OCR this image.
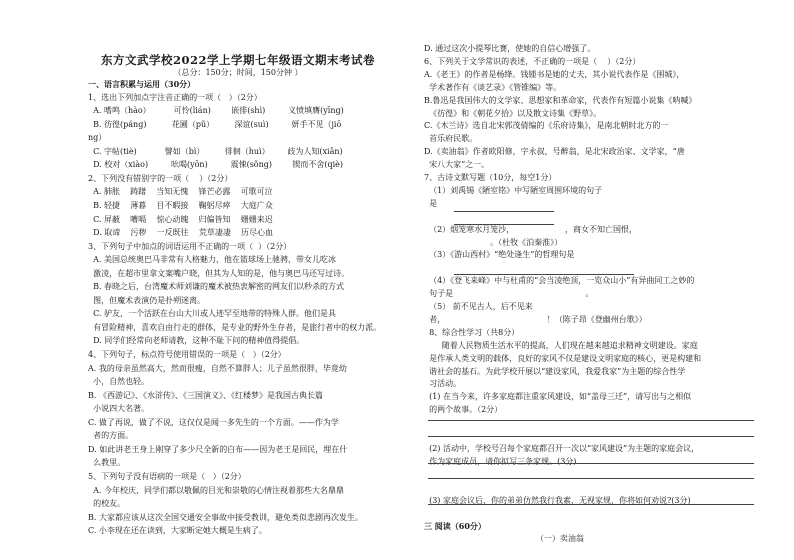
东方文武学校2022学上学期七年级语文期末考试卷
（总分：150分；时间，150分钟 ）
一、语言积累与运用（30分）
1、选出下列加点字注音正确的一项（   ）（2分）
A. 嗜鸣（hào）         可怜(lián)        嵌排(shì)         义愤填膺(yīng)
B. 彷徨(páng)          花圃（pǔ）        深谊(suì)         妍手不见（jiō
ng）
C. 字帖(tiè)           譬如（bì）        徘徊（huì）       歧为人知(xiǎn)
D. 校对（xiào)         吆喝(yōn)         震悚(sǒng)        锲而不舍(qiè)
2、下列没有错别字的一项（    ）（2分）
A. 肺胀    踌躇    当知无愧    锋芒必露    可歌可泣
B. 轻捷    薄暮    目不暇接    鞠躬尽瘁    大庭广众
C. 屏蔽    嘈嗝    惊心动魄    归偏皆知    姗姗来迟
D. 取谛    污秽    一反既往    荒草凄凄    历尽心血
3、下列句子中加点的词语运用不正确的一项（  ）（2分）
A. 美国总统奥巴马非常有人格魅力，他在篮球场上驰骋，带女儿吃冰
激凌，在超市里拿文案嘴户晓，但其为人知的是，他与奥巴马还写过诗。
B. 春晓之后，台湾魔术师刘谦的魔术被热衷解密的网友们以秒杀的方式
图，但魔术表演仍是扑朔迷离。
C. 驴友，一个活跃在台山大川或人迹罕至地带的特殊人群。他们是具
有冒险精神，喜欢自由行走的群体，是专业的野外生存者，是旅行者中的权力派。
D. 同学们经常向老师请教，这种不耻下问的精神值得提倡。
4、下列句子，标点符号使用错误的一项是（   ）（2分）
A. 我的母亲虽然高大，然而很瘦，自然不算胖人；儿子虽然很胖，毕竟幼
小，自然也轻。
B. 《西游记》、《水浒传》、《三国演义》、《红楼梦》是我国古典长篇
小说四大名著。
C. 做了再说，做了不说，这仅仅是闻一多先生的一个方面。——作为学
者的方面。
D. 如此讲老王身上刚穿了多少尺全新的白布——因为老王是回民，埋在什
么教里。
5、下列句子没有语病的一项是（   ）（2分）
A. 今年校庆，同学们都以敬佩的目光和崇敬的心情注视着那些大名鼎鼎
的校友。
B. 大家都应该从这次全国交通安全事故中接受教训，避免类似悲剧再次发生。
C. 小李现在还在读到，大家断定她大概是生病了。
D. 通过这次小提琴比赛，使她的自信心增强了。
6、下列关于文学常识的表述，不正确的一项是（    ）（2分）
A.《老王》的作者是杨绛。钱锺书是她的丈夫，其小说代表作是《围城》，
学术著作有《谈艺录》《管锥编》等。
B.鲁迅是我国伟大的文学家、思想家和革命家，代表作有短篇小说集《呐喊》
《彷徨》和《朝花夕拾》以及散文诗集《野草》。
C.《木兰诗》选自北宋郭茂倩编的《乐府诗集》，是南北朝时北方的一
首乐府民歌。
D.《卖油翁》作者欧阳修，字永叔，号醉翁，是北宋政治家、文学家，“唐
宋八大家”之一。
7、古诗文默写题（10分，每空1分）
（1）刘禹锡《陋室铭》中写陋室周围环境的句子
是
（2）烟笼寒水月笼沙，                    ，商女不知亡国恨，
。（杜牧《泊秦淮》）
（3）《游山西村》“绝处逢生”的哲理句是
（4）《登飞来峰》中与杜甫的“会当凌绝顶，一览众山小”有异曲同工之妙的
句子是                                                    。
（5） 前不见古人，后不见来
者，                                        ！（陈子昂《登幽州台歌》）
8、综合性学习（共8分）
随着人民物质生活水平的提高，人们现在越来越追求精神文明建设。家庭
是作承人类文明的载体，良好的家风不仅是建设文明家庭的核心，更是构建和
谐社会的基石。为此学校开展以“建设家风，我爱我家”为主题的综合性学
习活动。
(1) 在当今来，许多家庭都注重家风建设，如“盖母三迁”，请写出与之相似
的两个故事。（2分）
(2) 活动中，学校号召每个家庭都召开一次以“家风建设”为主题的家庭会议，
作为家庭成员，请你拟写三条家规。(3分)
(3) 家庭会议后，你的弟弟仿然我行我素，无视家规，你将如何劝说?(3分)
三 阅读（60分）
（一）卖油翁
